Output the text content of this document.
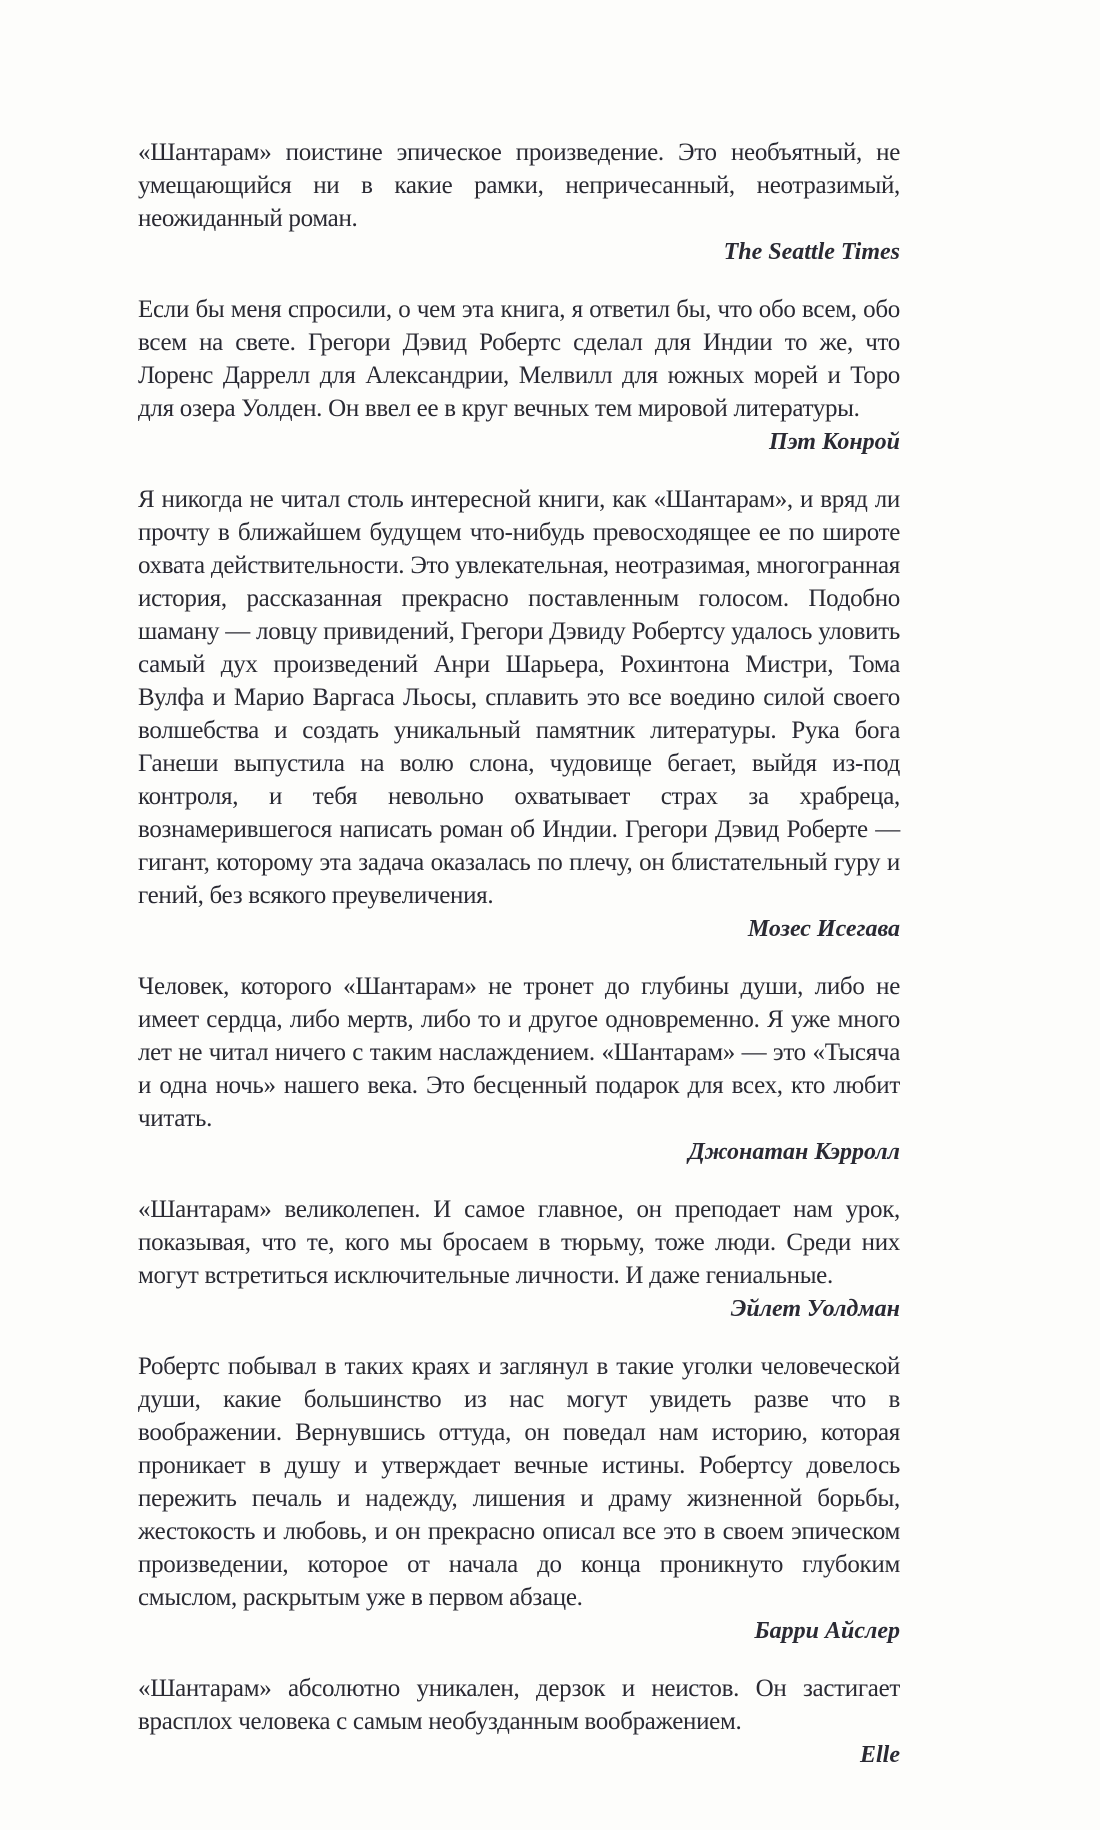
«Шантарам» поистине эпическое произведение. Это необъятный, не умещающийся ни в какие рамки, непричесанный, неотразимый, неожиданный роман.

The Seattle Times

Если бы меня спросили, о чем эта книга, я ответил бы, что обо всем, обо всем на свете. Грегори Дэвид Робертс сделал для Индии то же, что Лоренс Даррелл для Александрии, Мелвилл для южных морей и Торо для озера Уолден. Он ввел ее в круг вечных тем мировой литературы.

Пэт Конрой

Я никогда не читал столь интересной книги, как «Шантарам», и вряд ли прочту в ближайшем будущем что-нибудь превосходящее ее по широте охвата действительности. Это увлекательная, неотразимая, многогранная история, рассказанная прекрасно поставленным голосом. Подобно шаману — ловцу привидений, Грегори Дэвиду Робертсу удалось уловить самый дух произведений Анри Шарьера, Рохинтона Мистри, Тома Вулфа и Марио Варгаса Льосы, сплавить это все воедино силой своего волшебства и создать уникальный памятник литературы. Рука бога Ганеши выпустила на волю слона, чудовище бегает, выйдя из-под контроля, и тебя невольно охватывает страх за храбреца, вознамерившегося написать роман об Индии. Грегори Дэвид Роберте — гигант, которому эта задача оказалась по плечу, он блистательный гуру и гений, без всякого преувеличения.

Мозес Исегава

Человек, которого «Шантарам» не тронет до глубины души, либо не имеет сердца, либо мертв, либо то и другое одновременно. Я уже много лет не читал ничего с таким наслаждением. «Шантарам» — это «Тысяча и одна ночь» нашего века. Это бесценный подарок для всех, кто любит читать.

Джонатан Кэрролл

«Шантарам» великолепен. И самое главное, он преподает нам урок, показывая, что те, кого мы бросаем в тюрьму, тоже люди. Среди них могут встретиться исключительные личности. И даже гениальные.

Эйлет Уолдман

Робертс побывал в таких краях и заглянул в такие уголки человеческой души, какие большинство из нас могут увидеть разве что в воображении. Вернувшись оттуда, он поведал нам историю, которая проникает в душу и утверждает вечные истины. Робертсу довелось пережить печаль и надежду, лишения и драму жизненной борьбы, жестокость и любовь, и он прекрасно описал все это в своем эпическом произведении, которое от начала до конца проникнуто глубоким смыслом, раскрытым уже в первом абзаце.

Барри Айслер

«Шантарам» абсолютно уникален, дерзок и неистов. Он застигает врасплох человека с самым необузданным воображением.

Elle
